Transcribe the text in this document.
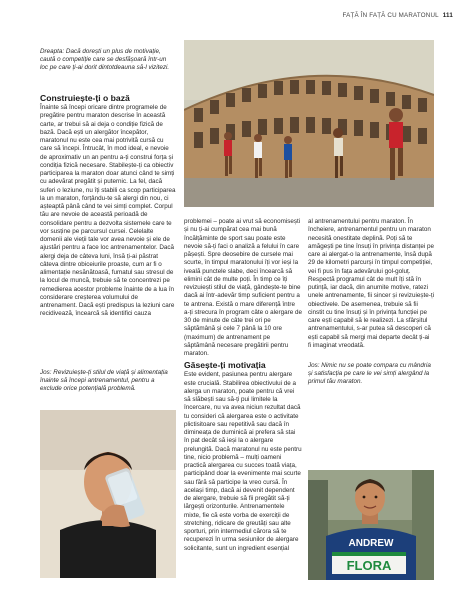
FAȚĂ ÎN FAȚĂ CU MARATONUL 111

Dreapta: Dacă dorești un plus de motivație, caută o competiție care se desfășoară într-un loc pe care ți-ai dorit dintotdeauna să-l vizitezi.

Construiește-ți o bază

Înainte să începi oricare dintre programele de pregătire pentru maraton descrise în această carte, ar trebui să ai deja o condiție fizică de bază. Dacă ești un alergător începător, maratonul nu este cea mai potrivită cursă cu care să începi. Întrucât, în mod ideal, e nevoie de aproximativ un an pentru a-ți construi forța și condiția fizică necesare. Stabilește-ți ca obiectiv participarea la maraton doar atunci când te simți cu adevărat pregătit și puternic. La fel, dacă suferi o leziune, nu îți stabili ca scop participarea la un maraton, forțându-te să alergi din nou, ci așteaptă până când te vei simți complet. Corpul tău are nevoie de această perioadă de consolidare pentru a dezvolta sistemele care te vor susține pe parcursul cursei. Celelalte domenii ale vieții tale vor avea nevoie și ele de ajustări pentru a face loc antrenamentelor. Dacă alergi deja de câteva luni, însă ți-ai păstrat câteva dintre obiceiurile proaste, cum ar fi o alimentație nesănătoasă, fumatul sau stresul de la locul de muncă, trebuie să te concentrezi pe remedierea acestor probleme înainte de a lua în considerare creșterea volumului de antrenament. Dacă ești predispus la leziuni care recidivează, încearcă să identifici cauza

Jos: Revizuiește-ți stilul de viață și alimentația înainte să începi antrenamentul, pentru a exclude orice potențială problemă.

problemei – poate ai vrut să economisești și nu ți-ai cumpărat cea mai bună încălțăminte de sport sau poate este nevoie să-ți faci o analiză a felului în care pășești. Spre deosebire de cursele mai scurte, în timpul maratonului îți vor ieși la iveală punctele slabe, deci încearcă să elimini cât de multe poți. În timp ce îți revizuiești stilul de viață, gândește-te bine dacă ai într-adevăr timp suficient pentru a te antrena. Există o mare diferență între a-ți strecura în program câte o alergare de 30 de minute de câte trei ori pe săptămână și cele 7 până la 10 ore (maximum) de antrenament pe săptămână necesare pregătirii pentru maraton.

Găsește-ți motivația

Este evident, pasiunea pentru alergare este crucială. Stabilirea obiectivului de a alerga un maraton, poate pentru că vrei să slăbești sau să-ți pui limitele la încercare, nu va avea niciun rezultat dacă tu consideri că alergarea este o activitate plictisitoare sau repetitivă sau dacă în dimineața de duminică ai prefera să stai în pat decât să ieși la o alergare prelungită. Dacă maratonul nu este pentru tine, nicio problemă – mulți oameni practică alergarea cu succes toată viața, participând doar la evenimente mai scurte sau fără să participe la vreo cursă. În același timp, dacă ai devenit dependent de alergare, trebuie să fii pregătit să-ți lărgești orizonturile. Antrenamentele mixte, fie că este vorba de exerciții de stretching, ridicare de greutăți sau alte sporturi, prin intermediul cărora să te recuperezi în urma sesiunilor de alergare solicitante, sunt un ingredient esențial

al antrenamentului pentru maraton. În încheiere, antrenamentul pentru un maraton necesită onestitate deplină. Poți să te amăgești pe tine însuți în privința distanței pe care ai alergat-o la antrenamente, însă după 29 de kilometri parcurși în timpul competiției, vei fi pus în fața adevărului gol-goluț. Respectă programul cât de mult îți stă în putință, iar dacă, din anumite motive, ratezi unele antrenamente, fii sincer și revizuiește-ți obiectivele. De asemenea, trebuie să fii cinstit cu tine însuți și în privința funcției pe care ești capabil să le realizezi. La sfârșitul antrenamentului, s-ar putea să descoperi că ești capabil să mergi mai departe decât ți-ai fi imaginat vreodată.

Jos: Nimic nu se poate compara cu mândria și satisfacția pe care le vei simți alergând la primul tău maraton.

ANDREW
FLORA
